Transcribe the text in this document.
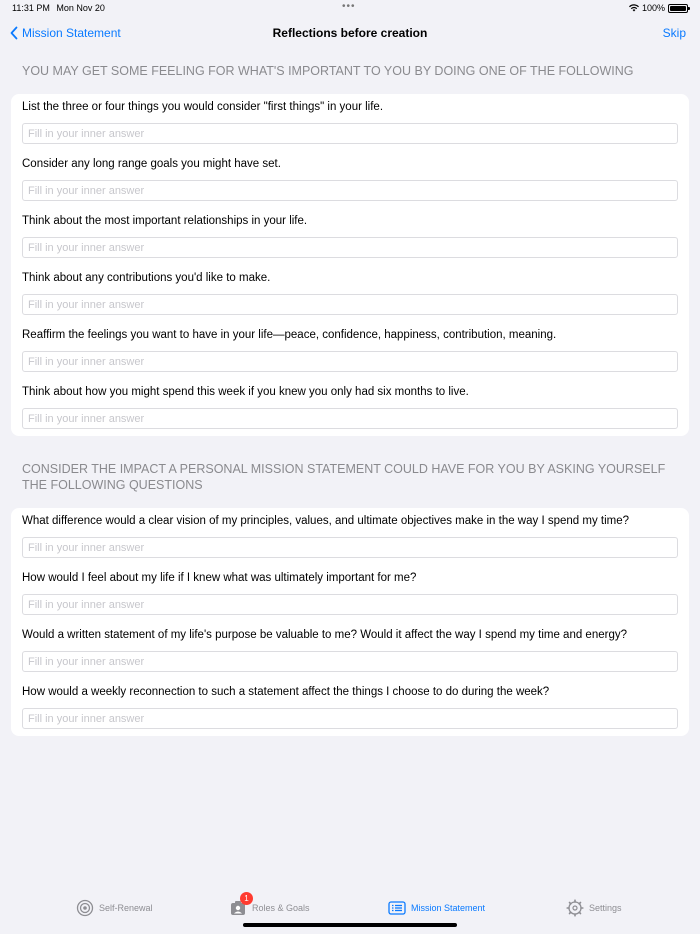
11:31 PM Mon Nov 20	•••	100%
Mission Statement	Reflections before creation	Skip
YOU MAY GET SOME FEELING FOR WHAT'S IMPORTANT TO YOU BY DOING ONE OF THE FOLLOWING
List the three or four things you would consider "first things" in your life.
Fill in your inner answer
Consider any long range goals you might have set.
Fill in your inner answer
Think about the most important relationships in your life.
Fill in your inner answer
Think about any contributions you'd like to make.
Fill in your inner answer
Reaffirm the feelings you want to have in your life—peace, confidence, happiness, contribution, meaning.
Fill in your inner answer
Think about how you might spend this week if you knew you only had six months to live.
Fill in your inner answer
CONSIDER THE IMPACT A PERSONAL MISSION STATEMENT COULD HAVE FOR YOU BY ASKING YOURSELF THE FOLLOWING QUESTIONS
What difference would a clear vision of my principles, values, and ultimate objectives make in the way I spend my time?
Fill in your inner answer
How would I feel about my life if I knew what was ultimately important for me?
Fill in your inner answer
Would a written statement of my life's purpose be valuable to me? Would it affect the way I spend my time and energy?
Fill in your inner answer
How would a weekly reconnection to such a statement affect the things I choose to do during the week?
Fill in your inner answer
Self-Renewal	Roles & Goals
1
Mission Statement	Settings
